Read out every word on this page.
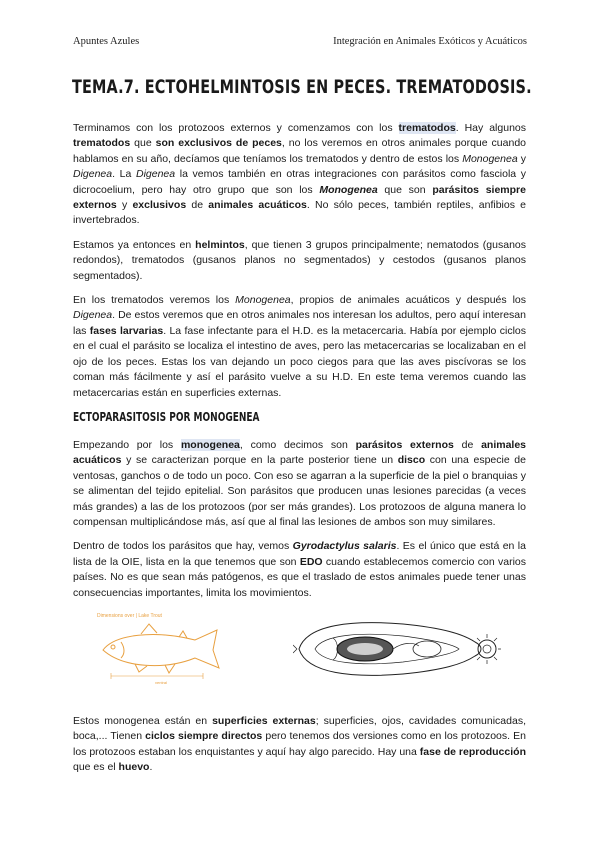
Apuntes Azules	Integración en Animales Exóticos y Acuáticos
TEMA.7. ECTOHELMINTOSIS EN PECES. TREMATODOSIS.

Terminamos con los protozoos externos y comenzamos con los trematodos. Hay algunos trematodos que son exclusivos de peces, no los veremos en otros animales porque cuando hablamos en su año, decíamos que teníamos los trematodos y dentro de estos los Monogenea y Digenea. La Digenea la vemos también en otras integraciones con parásitos como fasciola y dicrocoelium, pero hay otro grupo que son los Monogenea que son parásitos siempre externos y exclusivos de animales acuáticos. No sólo peces, también reptiles, anfibios e invertebrados.

Estamos ya entonces en helmintos, que tienen 3 grupos principalmente; nematodos (gusanos redondos), trematodos (gusanos planos no segmentados) y cestodos (gusanos planos segmentados).

En los trematodos veremos los Monogenea, propios de animales acuáticos y después los Digenea. De estos veremos que en otros animales nos interesan los adultos, pero aquí interesan las fases larvarias. La fase infectante para el H.D. es la metacercaria. Había por ejemplo ciclos en el cual el parásito se localiza el intestino de aves, pero las metacercarias se localizaban en el ojo de los peces. Estas los van dejando un poco ciegos para que las aves piscívoras se los coman más fácilmente y así el parásito vuelve a su H.D. En este tema veremos cuando las metacercarias están en superficies externas.

ECTOPARASITOSIS POR MONOGENEA

Empezando por los monogenea, como decimos son parásitos externos de animales acuáticos y se caracterizan porque en la parte posterior tiene un disco con una especie de ventosas, ganchos o de todo un poco. Con eso se agarran a la superficie de la piel o branquias y se alimentan del tejido epitelial. Son parásitos que producen unas lesiones parecidas (a veces más grandes) a las de los protozoos (por ser más grandes). Los protozoos de alguna manera lo compensan multiplicándose más, así que al final las lesiones de ambos son muy similares.

Dentro de todos los parásitos que hay, vemos Gyrodactylus salaris. Es el único que está en la lista de la OIE, lista en la que tenemos que son EDO cuando establecemos comercio con varios países. No es que sean más patógenos, es que el traslado de estos animales puede tener unas consecuencias importantes, limita los movimientos.

Dimensions over | Lake Trout
ventral

Estos monogenea están en superficies externas; superficies, ojos, cavidades comunicadas, boca,... Tienen ciclos siempre directos pero tenemos dos versiones como en los protozoos. En los protozoos estaban los enquistantes y aquí hay algo parecido. Hay una fase de reproducción que es el huevo.
